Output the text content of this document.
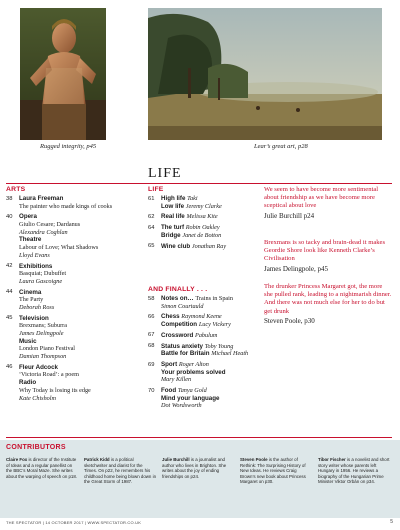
Rugged integrity, p45	Lear’s great art, p28
LIFE
ARTS	LIFE
AND FINALLY . . .
38	Laura Freeman
The painter who made kings of cooks
40	Opera
Giulio Cesare; Dardanus
Alexandra Coghlan
Theatre
Labour of Love; What Shadows
Lloyd Evans
42	Exhibitions
Basquiat; Dubuffet
Laura Gascoigne
44	Cinema
The Party
Deborah Ross
45	Television
Brexmans; Suburra
James Delingpole
Music
London Piano Festival
Damian Thompson
46	Fleur Adcock
‘Victoria Road’: a poem
Radio
Why Today is losing its edge
Kate Chisholm
61	High life Taki
Low life Jeremy Clarke
62	Real life Melissa Kite
64	The turf Robin Oakley
Bridge Janet de Botton
65	Wine club Jonathan Ray
58	Notes on… Trains in Spain
Simon Courtauld
66	Chess Raymond Keene
Competition Lucy Vickery
67	Crossword Pabulum
68	Status anxiety Toby Young
Battle for Britain Michael Heath
69	Sport Roger Alton
Your problems solved
Mary Killen
70	Food Tanya Gold
Mind your language
Dot Wordsworth
We seem to have become more sentimental about friendship as we have become more sceptical about love
Julie Burchill p24
Brexmans is so tacky and brain-dead it makes Geordie Shore look like Kenneth Clarke’s Civilisation
James Delingpole, p45
The drunker Princess Margaret got, the more she pulled rank, leading to a nightmarish dinner. And there was not much else for her to do but get drunk
Steven Poole, p30
CONTRIBUTORS
Claire Fox is director of the Institute of Ideas and a regular panellist on the BBC’s Moral Maze. She writes about the warping of speech on p18.
Patrick Kidd is a political sketchwriter and diarist for the Times. On p22, he remembers his childhood home being blown down in the Great Storm of 1987.
Julie Burchill is a journalist and author who lives in Brighton. She writes about the joy of ending friendships on p24.
Steven Poole is the author of Rethink: The Surprising History of New Ideas. He reviews Craig Brown’s new book about Princess Margaret on p30.
Tibor Fischer is a novelist and short story writer whose parents left Hungary in 1956. He reviews a biography of the Hungarian Prime Minister Viktor Orbán on p34.
THE SPECTATOR | 14 OCTOBER 2017 | WWW.SPECTATOR.CO.UK	5
